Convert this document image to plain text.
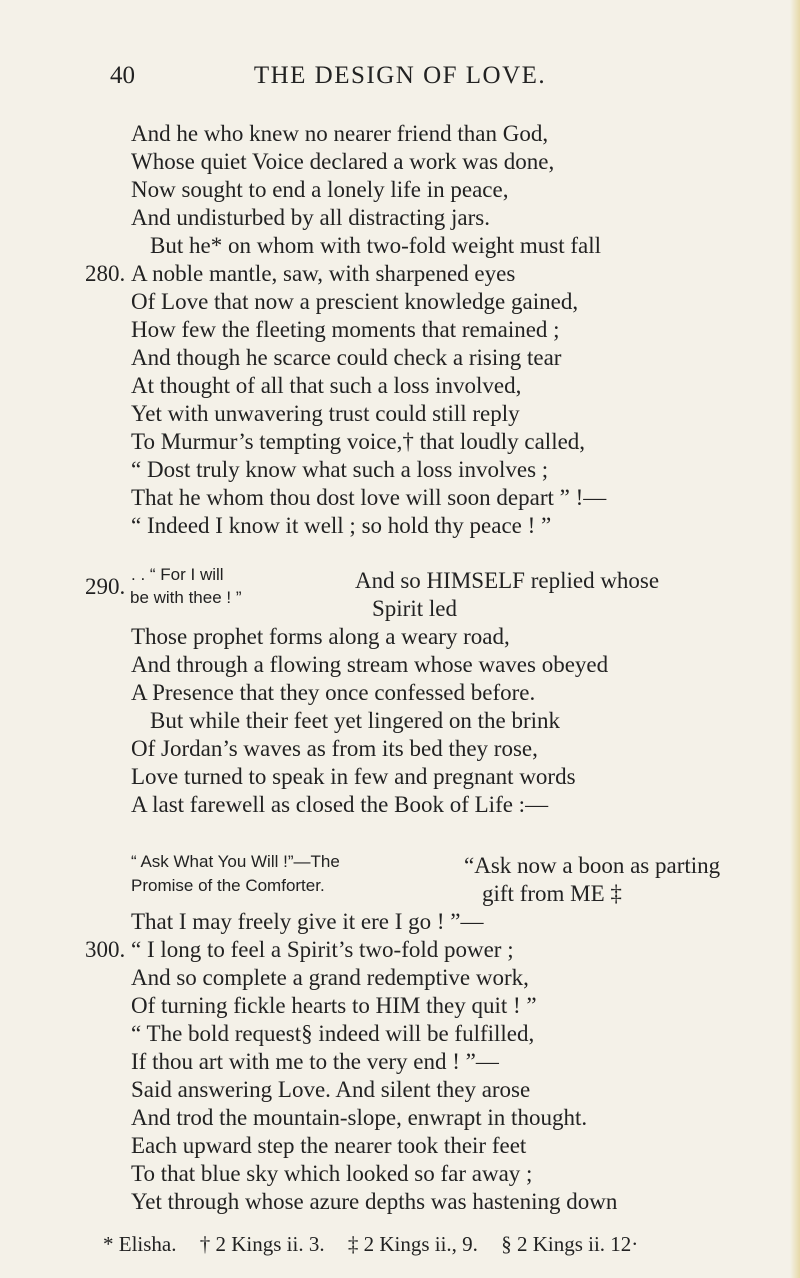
40	THE DESIGN OF LOVE.
And he who knew no nearer friend than God,
Whose quiet Voice declared a work was done,
Now sought to end a lonely life in peace,
And undisturbed by all distracting jars.
But he* on whom with two-fold weight must fall
280. A noble mantle, saw, with sharpened eyes
Of Love that now a prescient knowledge gained,
How few the fleeting moments that remained ;
And though he scarce could check a rising tear
At thought of all that such a loss involved,
Yet with unwavering trust could still reply
To Murmur’s tempting voice,† that loudly called,
“ Dost truly know what such a loss involves ;
That he whom thou dost love will soon depart ” !—
“ Indeed I know it well ; so hold thy peace ! ”
290. . . “ For I will
be with thee ! ”
And so HIMSELF replied whose
Spirit led
Those prophet forms along a weary road,
And through a flowing stream whose waves obeyed
A Presence that they once confessed before.
But while their feet yet lingered on the brink
Of Jordan’s waves as from its bed they rose,
Love turned to speak in few and pregnant words
A last farewell as closed the Book of Life :—
“ Ask What You Will !”—The
Promise of the Comforter.
“Ask now a boon as parting
gift from ME ‡
That I may freely give it ere I go ! ”—
300. “ I long to feel a Spirit’s two-fold power ;
And so complete a grand redemptive work,
Of turning fickle hearts to HIM they quit ! ”
“ The bold request§ indeed will be fulfilled,
If thou art with me to the very end ! ”—
Said answering Love. And silent they arose
And trod the mountain-slope, enwrapt in thought.
Each upward step the nearer took their feet
To that blue sky which looked so far away ;
Yet through whose azure depths was hastening down
* Elisha. † 2 Kings ii. 3. ‡ 2 Kings ii., 9. § 2 Kings ii. 12·
